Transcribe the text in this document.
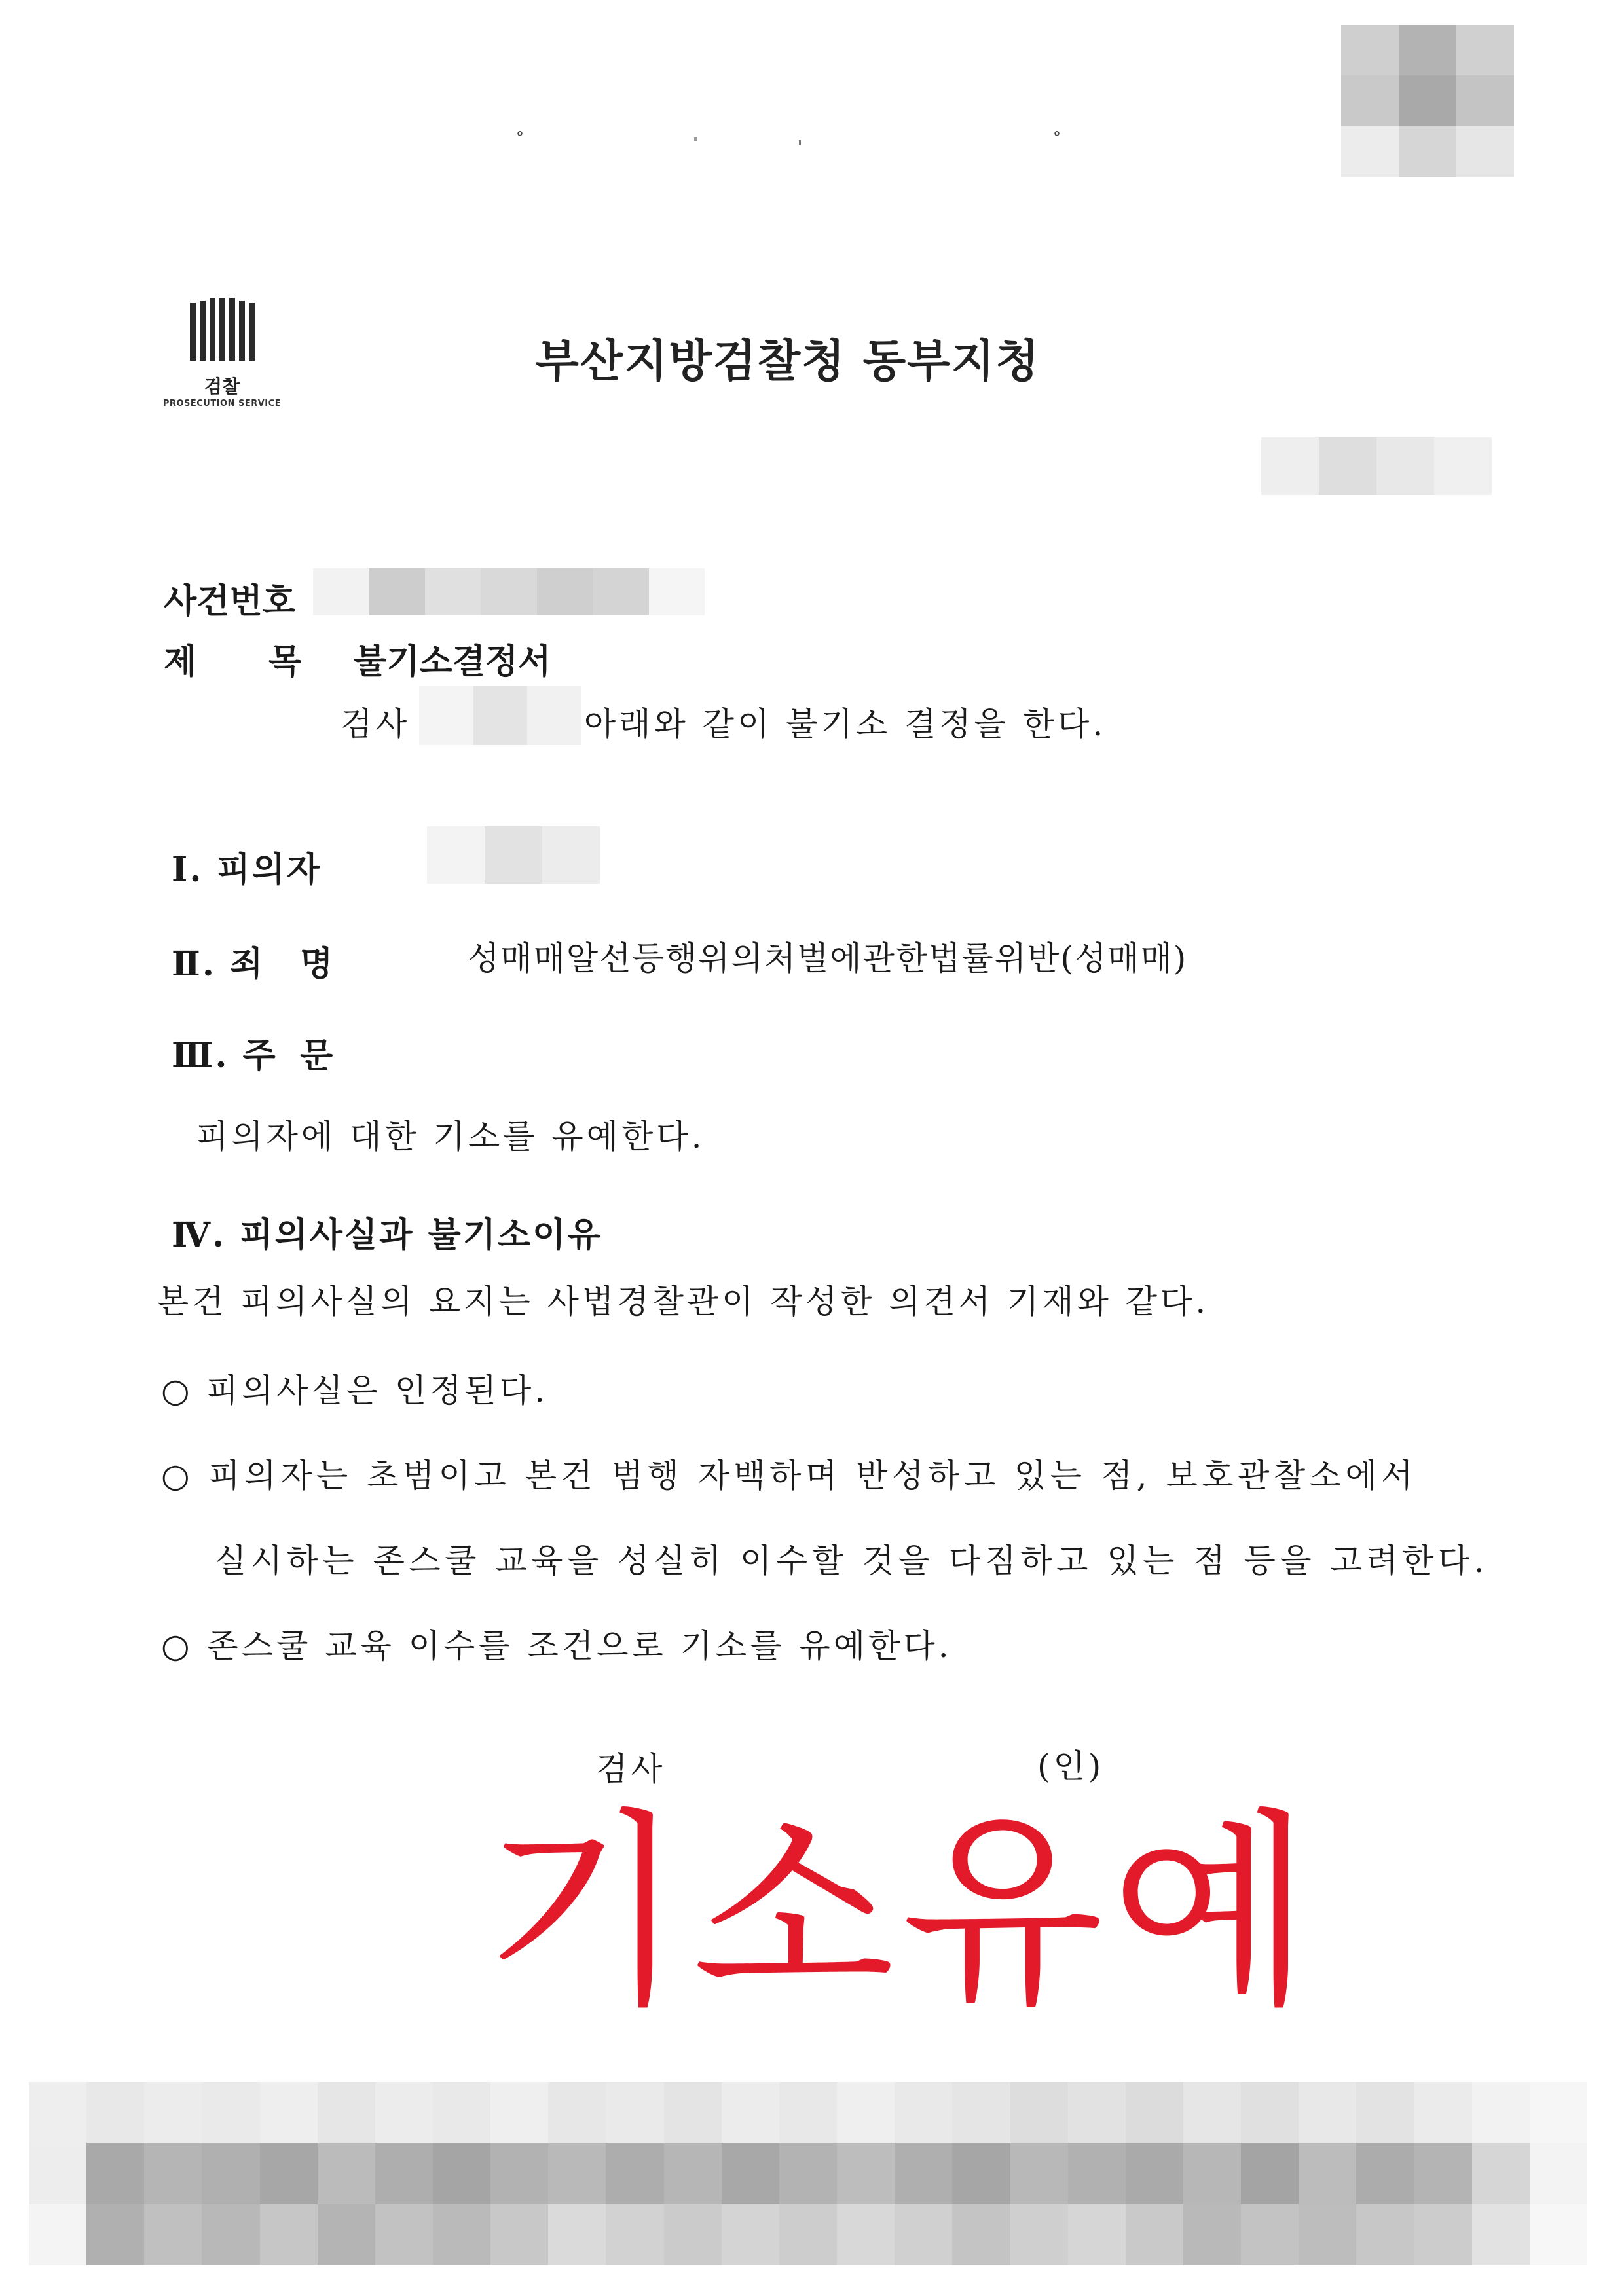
°	°
검찰
PROSECUTION SERVICE
부산지방검찰청 동부지청
사건번호
제 목 불기소결정서
검사	아래와 같이 불기소 결정을 한다.
Ⅰ. 피의자
Ⅱ. 죄 명	성매매알선등행위의처벌에관한법률위반(성매매)
Ⅲ. 주 문
피의자에 대한 기소를 유예한다.
Ⅳ. 피의사실과 불기소이유
본건 피의사실의 요지는 사법경찰관이 작성한 의견서 기재와 같다.
○ 피의사실은 인정된다.
○ 피의자는 초범이고 본건 범행 자백하며 반성하고 있는 점, 보호관찰소에서
실시하는 존스쿨 교육을 성실히 이수할 것을 다짐하고 있는 점 등을 고려한다.
○ 존스쿨 교육 이수를 조건으로 기소를 유예한다.
검사	(인)
기소유예
